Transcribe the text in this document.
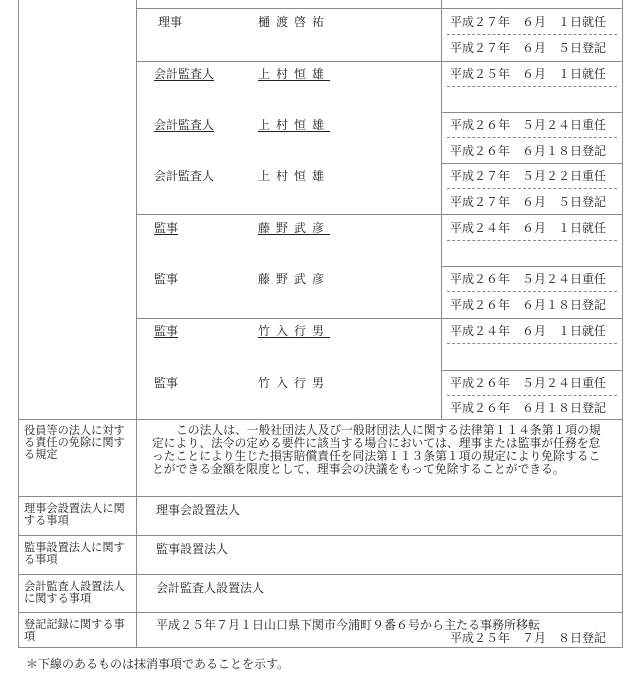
理事	樋渡啓祐	平成２７年　６月　１日就任
平成２７年　６月　５日登記
会計監査人	上村恒雄	平成２５年　６月　１日就任
会計監査人	上村恒雄	平成２６年　５月２４日重任
平成２６年　６月１８日登記
会計監査人	上村恒雄	平成２７年　５月２２日重任
平成２７年　６月　５日登記
監事	藤野武彦	平成２４年　６月　１日就任
監事	藤野武彦	平成２６年　５月２４日重任
平成２６年　６月１８日登記
監事	竹入行男	平成２４年　６月　１日就任
監事	竹入行男	平成２６年　５月２４日重任
平成２６年　６月１８日登記
役員等の法人に対する責任の免除に関する規定
この法人は、一般社団法人及び一般財団法人に関する法律第１１４条第１項の規定により、法令の定める要件に該当する場合においては、理事または監事が任務を怠ったことにより生じた損害賠償責任を同法第１１３条第１項の規定により免除することができる金額を限度として、理事会の決議をもって免除することができる。
理事会設置法人に関する事項
理事会設置法人
監事設置法人に関する事項
監事設置法人
会計監査人設置法人に関する事項
会計監査人設置法人
登記記録に関する事項
平成２５年７月１日山口県下関市今浦町９番６号から主たる事務所移転
平成２５年　７月　８日登記
＊下線のあるものは抹消事項であることを示す。
